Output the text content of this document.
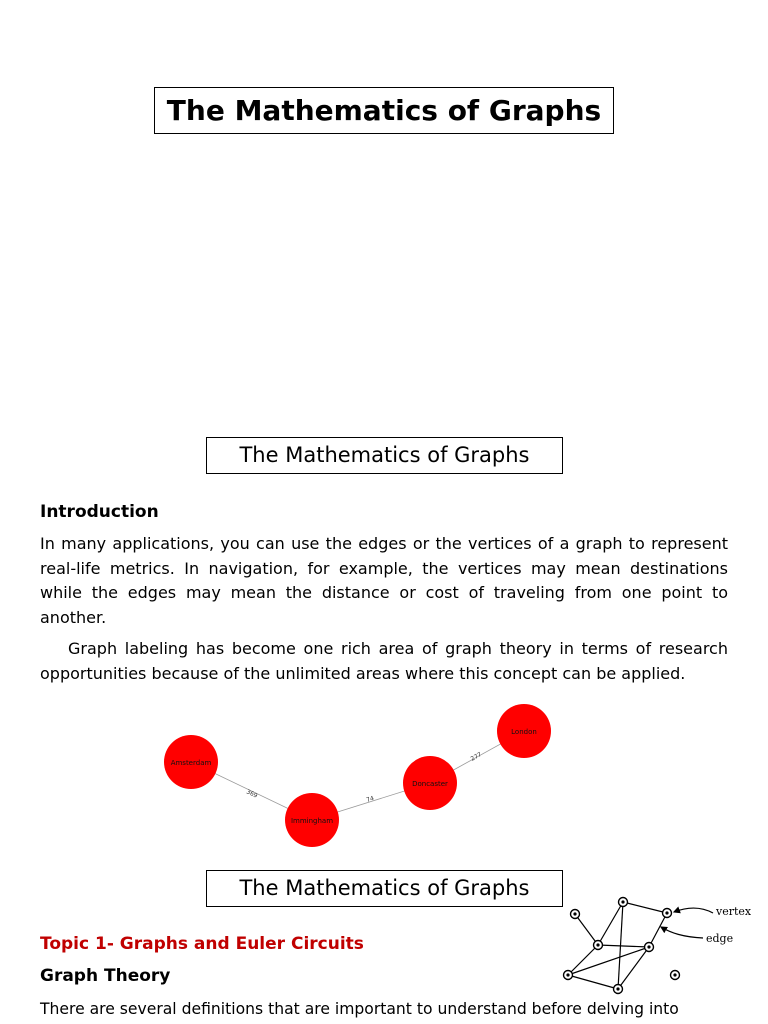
The Mathematics of Graphs
The Mathematics of Graphs
Introduction
In many applications, you can use the edges or the vertices of a graph to represent real-life metrics. In navigation, for example, the vertices may mean destinations while the edges may mean the distance or cost of traveling from one point to another.
Graph labeling has become one rich area of graph theory in terms of research opportunities because of the unlimited areas where this concept can be applied.
369	74
277
Amsterdam
Immingham
Doncaster
London
The Mathematics of Graphs
vertex
edge
Topic 1- Graphs and Euler Circuits
Graph Theory
There are several definitions that are important to understand before delving into
